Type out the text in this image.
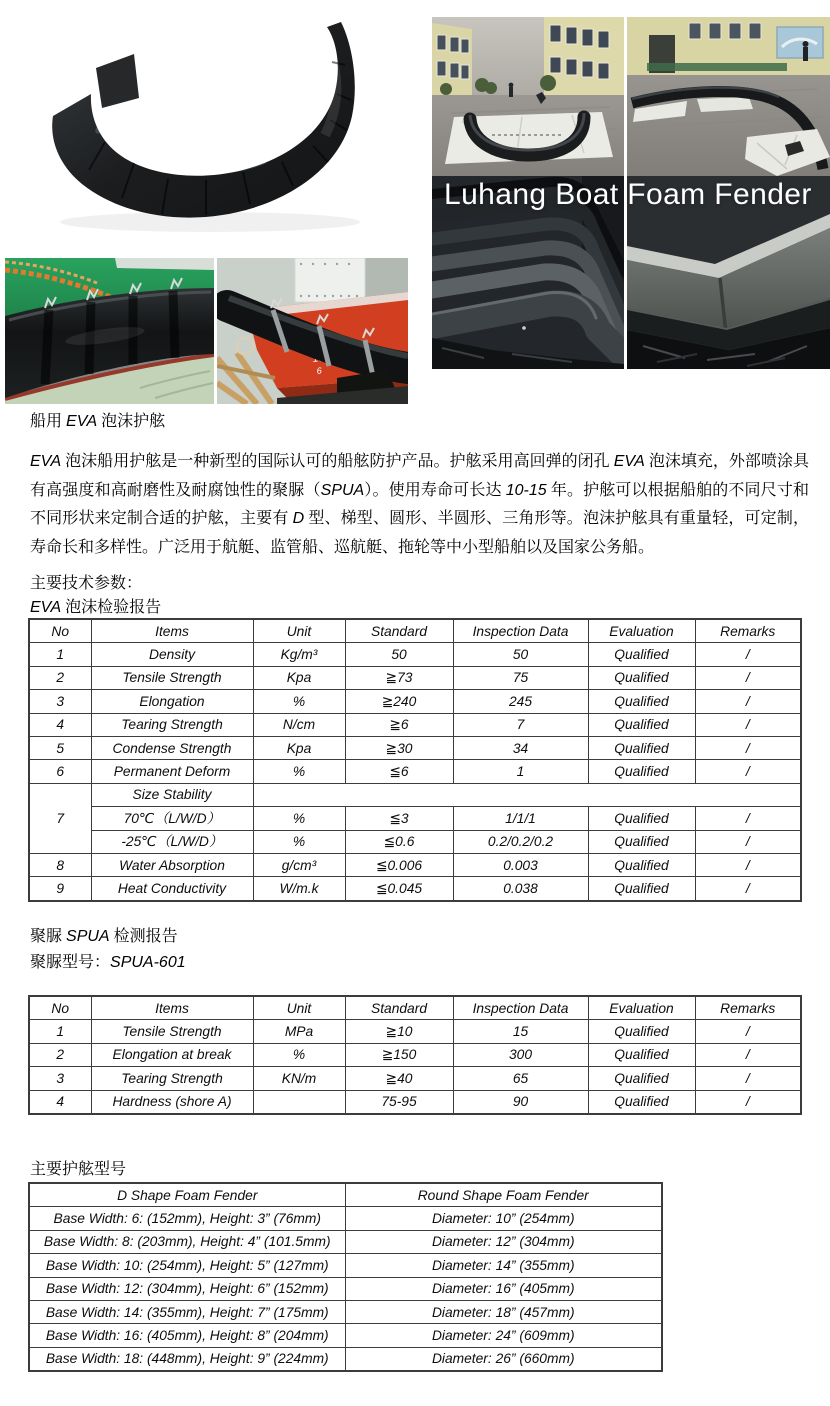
10
6
Luhang Boat Foam Fender
船用 EVA 泡沫护舷

EVA 泡沫船用护舷是一种新型的国际认可的船舷防护产品。护舷采用高回弹的闭孔 EVA 泡沫填充，外部喷涂具有高强度和高耐磨性及耐腐蚀性的聚脲（SPUA）。使用寿命可长达 10-15 年。护舷可以根据船舶的不同尺寸和不同形状来定制合适的护舷，主要有 D 型、梯型、圆形、半圆形、三角形等。泡沫护舷具有重量轻，可定制，寿命长和多样性。广泛用于航艇、监管船、巡航艇、拖轮等中小型船舶以及国家公务船。

主要技术参数：
EVA 泡沫检验报告
No	Items	Unit	Standard	Inspection Data	Evaluation	Remarks
1	Density	Kg/m³	50	50	Qualified	/
2	Tensile Strength	Kpa	≧73	75	Qualified	/
3	Elongation	%	≧240	245	Qualified	/
4	Tearing Strength	N/cm	≧6	7	Qualified	/
5	Condense Strength	Kpa	≧30	34	Qualified	/
6	Permanent Deform	%	≦6	1	Qualified	/
7	Size Stability					
	70℃（L/W/D）	%	≦3	1/1/1	Qualified	/
	-25℃（L/W/D）	%	≦0.6	0.2/0.2/0.2	Qualified	/
8	Water Absorption	g/cm³	≦0.006	0.003	Qualified	/
9	Heat Conductivity	W/m.k	≦0.045	0.038	Qualified	/
聚脲 SPUA 检测报告
聚脲型号：SPUA-601
No	Items	Unit	Standard	Inspection Data	Evaluation	Remarks
1	Tensile Strength	MPa	≧10	15	Qualified	/
2	Elongation at break	%	≧150	300	Qualified	/
3	Tearing Strength	KN/m	≧40	65	Qualified	/
4	Hardness (shore A)		75-95	90	Qualified	/
主要护舷型号
D Shape Foam Fender	Round Shape Foam Fender
Base Width: 6: (152mm), Height: 3” (76mm)	Diameter: 10” (254mm)
Base Width: 8: (203mm), Height: 4” (101.5mm)	Diameter: 12” (304mm)
Base Width: 10: (254mm), Height: 5” (127mm)	Diameter: 14” (355mm)
Base Width: 12: (304mm), Height: 6” (152mm)	Diameter: 16” (405mm)
Base Width: 14: (355mm), Height: 7” (175mm)	Diameter: 18” (457mm)
Base Width: 16: (405mm), Height: 8” (204mm)	Diameter: 24” (609mm)
Base Width: 18: (448mm), Height: 9” (224mm)	Diameter: 26” (660mm)
